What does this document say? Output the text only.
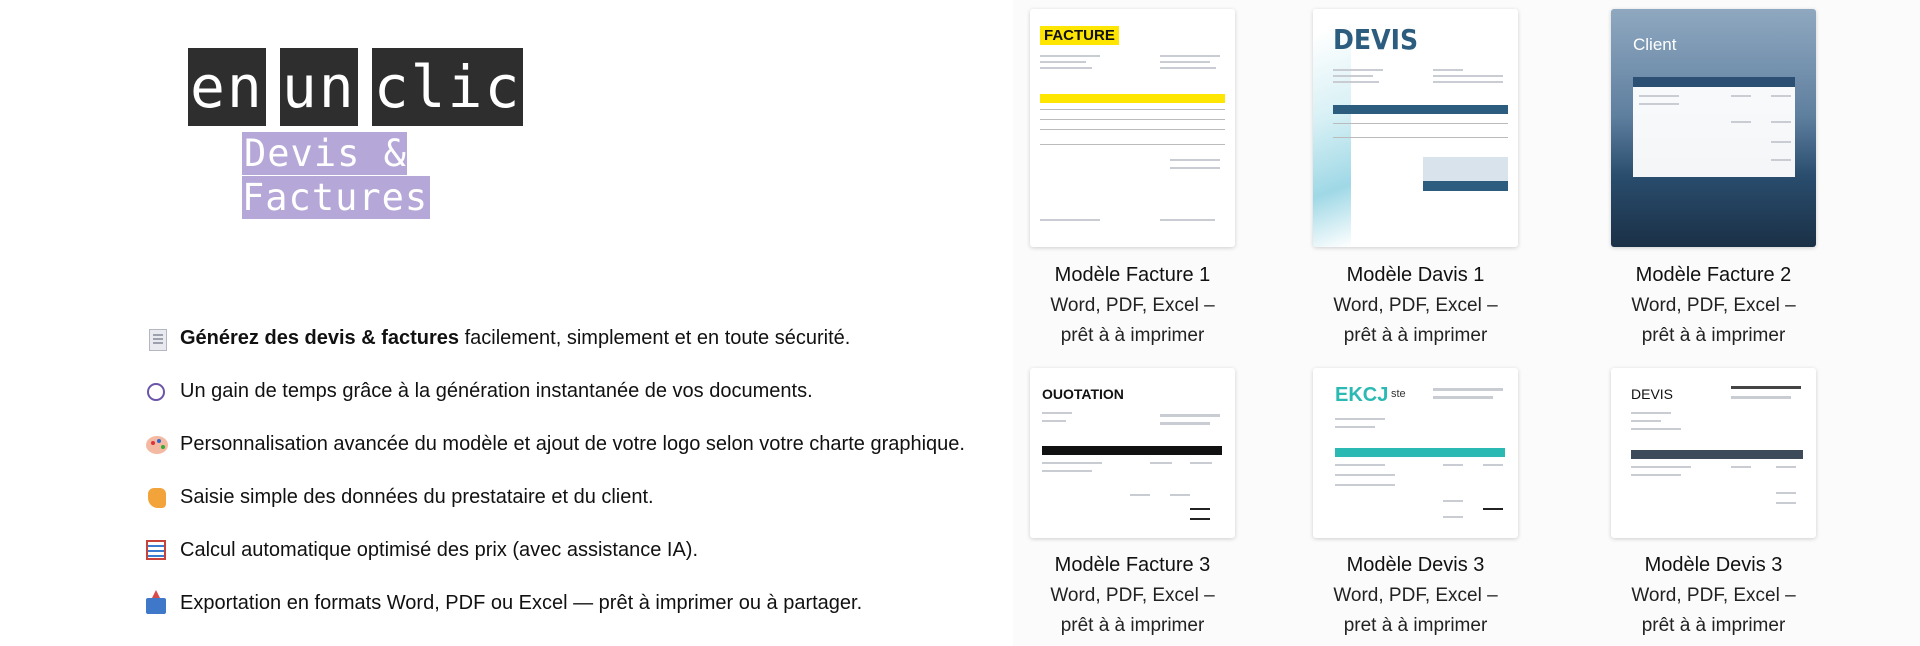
en un clic
Devis & Factures
Générez des devis & factures facilement, simplement et en toute sécurité.
Un gain de temps grâce à la génération instantanée de vos documents.
Personnalisation avancée du modèle et ajout de votre logo selon votre charte graphique.
Saisie simple des données du prestataire et du client.
Calcul automatique optimisé des prix (avec assistance IA).
Exportation en formats Word, PDF ou Excel — prêt à imprimer ou à partager.
FACTURE
Modèle Facture 1
Word, PDF, Excel –
prêt à à imprimer
DEVIS
Modèle Davis 1
Word, PDF, Excel –
prêt à à imprimer
Client
Modèle Facture 2
Word, PDF, Excel –
prêt à à imprimer
OUOTATION
Modèle Facture 3
Word, PDF, Excel –
prêt à à imprimer
EKCJ ste
Modèle Devis 3
Word, PDF, Excel –
pret à à imprimer
DEVIS
Modèle Devis 3
Word, PDF, Excel –
prêt à à imprimer
